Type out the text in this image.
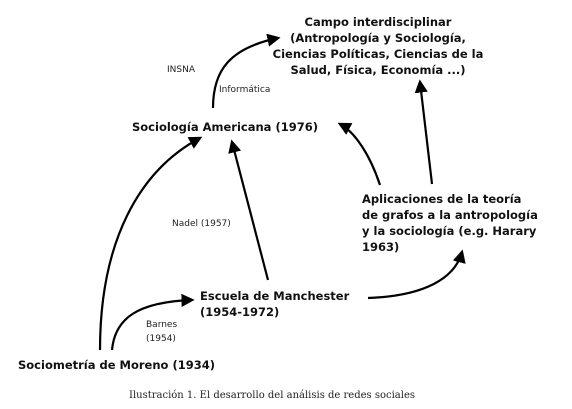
Campo interdisciplinar
(Antropología y Sociología,
Ciencias Políticas, Ciencias de la
Salud, Física, Economía ...)
Sociología Americana (1976)
Aplicaciones de la teoría
de grafos a la antropología
y la sociología (e.g. Harary
1963)
Escuela de Manchester
(1954-1972)
Sociometría de Moreno (1934)
INSNA
Informática
Nadel (1957)
Barnes
(1954)
Ilustración 1. El desarrollo del análisis de redes sociales
